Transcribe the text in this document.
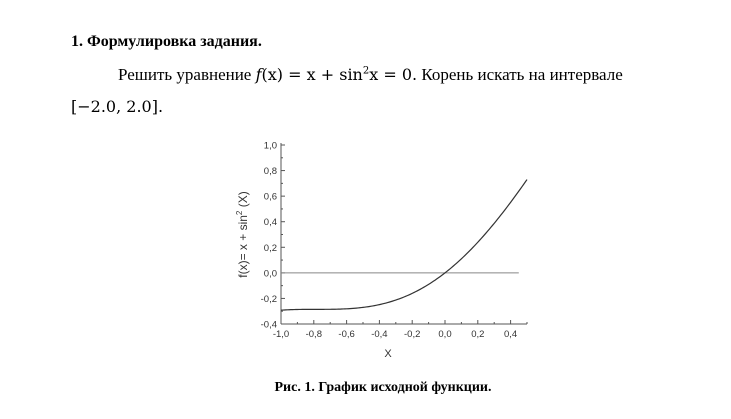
1. Формулировка задания.
Решить уравнение $f(x) = x + \sin^2x = 0$. Корень искать на интервале
[−2.0, 2.0].
-0,4
-0,2
0,0
0,2
0,4
0,6
0,8
1,0
-1,0 -0,8 -0,6 -0,4 -0,2 0,0 0,2 0,4
X
$f(x)= x + \sin^2 (X)$
Рис. 1. График исходной функции.
